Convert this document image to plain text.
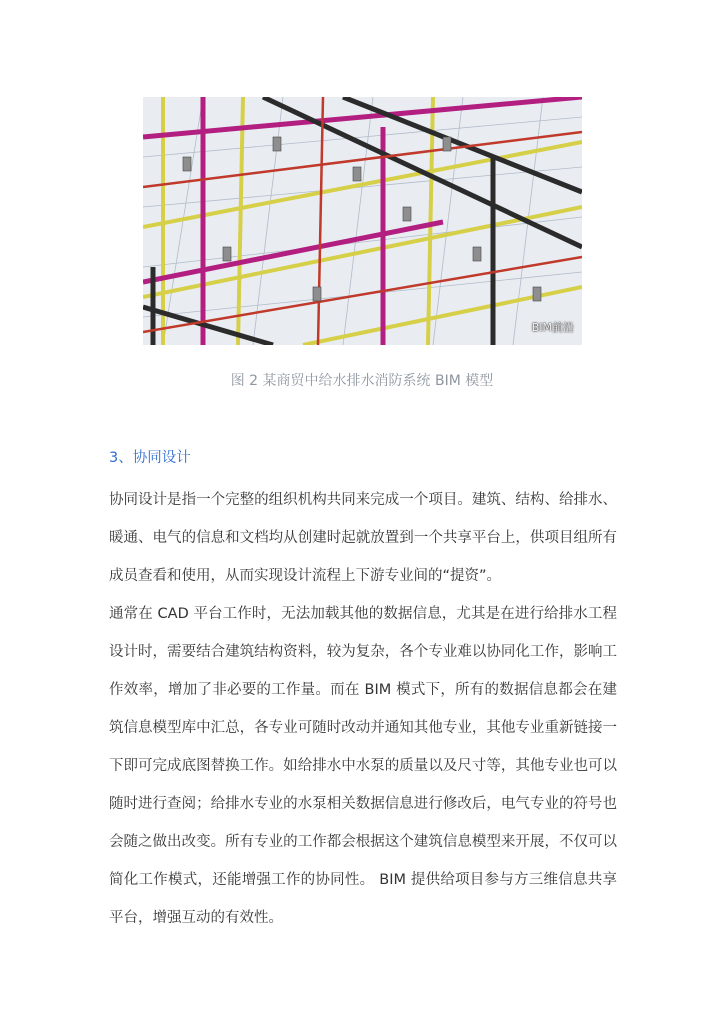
BIM前沿
图 2 某商贸中给水排水消防系统 BIM 模型
3、协同设计

协同设计是指一个完整的组织机构共同来完成一个项目。建筑、结构、给排水、暖通、电气的信息和文档均从创建时起就放置到一个共享平台上，供项目组所有成员查看和使用，从而实现设计流程上下游专业间的“提资”。

通常在 CAD 平台工作时，无法加载其他的数据信息，尤其是在进行给排水工程设计时，需要结合建筑结构资料，较为复杂，各个专业难以协同化工作，影响工作效率，增加了非必要的工作量。而在 BIM 模式下，所有的数据信息都会在建筑信息模型库中汇总，各专业可随时改动并通知其他专业，其他专业重新链接一下即可完成底图替换工作。如给排水中水泵的质量以及尺寸等，其他专业也可以随时进行查阅；给排水专业的水泵相关数据信息进行修改后，电气专业的符号也会随之做出改变。所有专业的工作都会根据这个建筑信息模型来开展，不仅可以简化工作模式，还能增强工作的协同性。 BIM 提供给项目参与方三维信息共享平台，增强互动的有效性。
